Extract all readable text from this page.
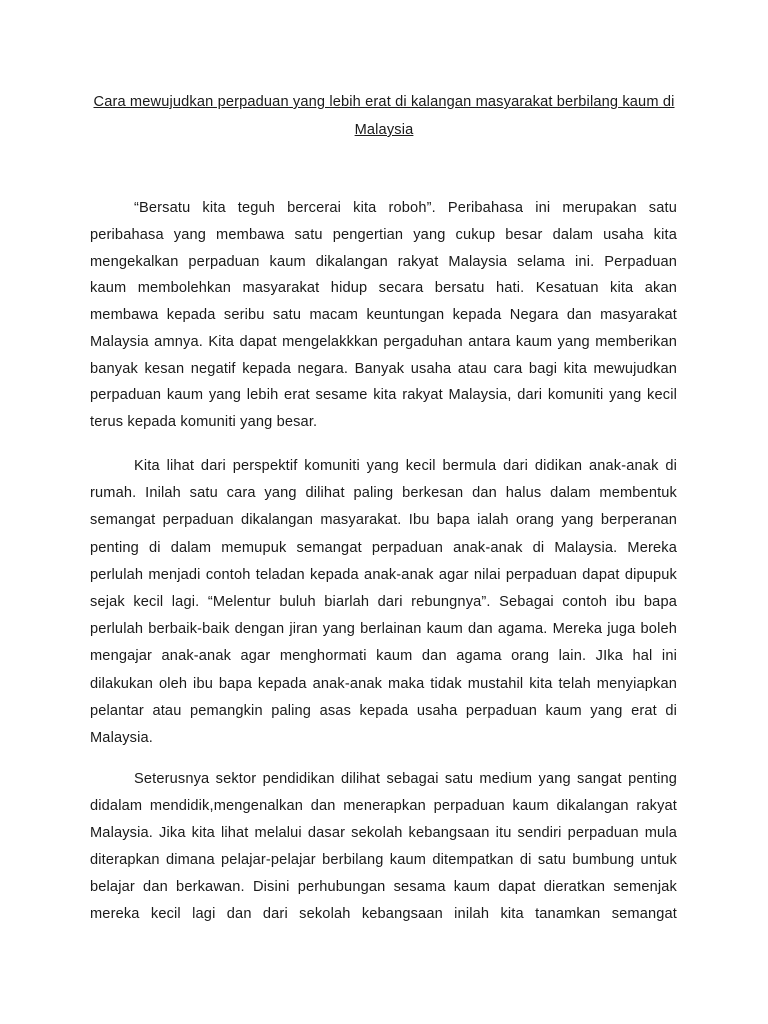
Cara mewujudkan perpaduan yang lebih erat di kalangan masyarakat berbilang kaum di
Malaysia
“Bersatu kita teguh bercerai kita roboh”. Peribahasa ini merupakan satu
peribahasa yang membawa satu pengertian yang cukup besar dalam usaha kita
mengekalkan perpaduan kaum dikalangan rakyat Malaysia selama ini. Perpaduan
kaum membolehkan masyarakat hidup secara bersatu hati. Kesatuan kita akan
membawa kepada seribu satu macam keuntungan kepada Negara dan masyarakat
Malaysia amnya. Kita dapat mengelakkkan pergaduhan antara kaum yang memberikan
banyak kesan negatif kepada negara. Banyak usaha atau cara bagi kita mewujudkan
perpaduan kaum yang lebih erat sesame kita rakyat Malaysia, dari komuniti yang kecil
terus kepada komuniti yang besar.
Kita lihat dari perspektif komuniti yang kecil bermula dari didikan anak-anak di
rumah. Inilah satu cara yang dilihat paling berkesan dan halus dalam membentuk
semangat perpaduan dikalangan masyarakat. Ibu bapa ialah orang yang berperanan
penting di dalam memupuk semangat perpaduan anak-anak di Malaysia. Mereka
perlulah menjadi contoh teladan kepada anak-anak agar nilai perpaduan dapat dipupuk
sejak kecil lagi. “Melentur buluh biarlah dari rebungnya”. Sebagai contoh ibu bapa
perlulah berbaik-baik dengan jiran yang berlainan kaum dan agama. Mereka juga boleh
mengajar anak-anak agar menghormati kaum dan agama orang lain. JIka hal ini
dilakukan oleh ibu bapa kepada anak-anak maka tidak mustahil kita telah menyiapkan
pelantar atau pemangkin paling asas kepada usaha perpaduan kaum yang erat di
Malaysia.
Seterusnya sektor pendidikan dilihat sebagai satu medium yang sangat penting
didalam mendidik,mengenalkan dan menerapkan perpaduan kaum dikalangan rakyat
Malaysia. Jika kita lihat melalui dasar sekolah kebangsaan itu sendiri perpaduan mula
diterapkan dimana pelajar-pelajar berbilang kaum ditempatkan di satu bumbung untuk
belajar dan berkawan. Disini perhubungan sesama kaum dapat dieratkan semenjak
mereka kecil lagi dan dari sekolah kebangsaan inilah kita tanamkan semangat
